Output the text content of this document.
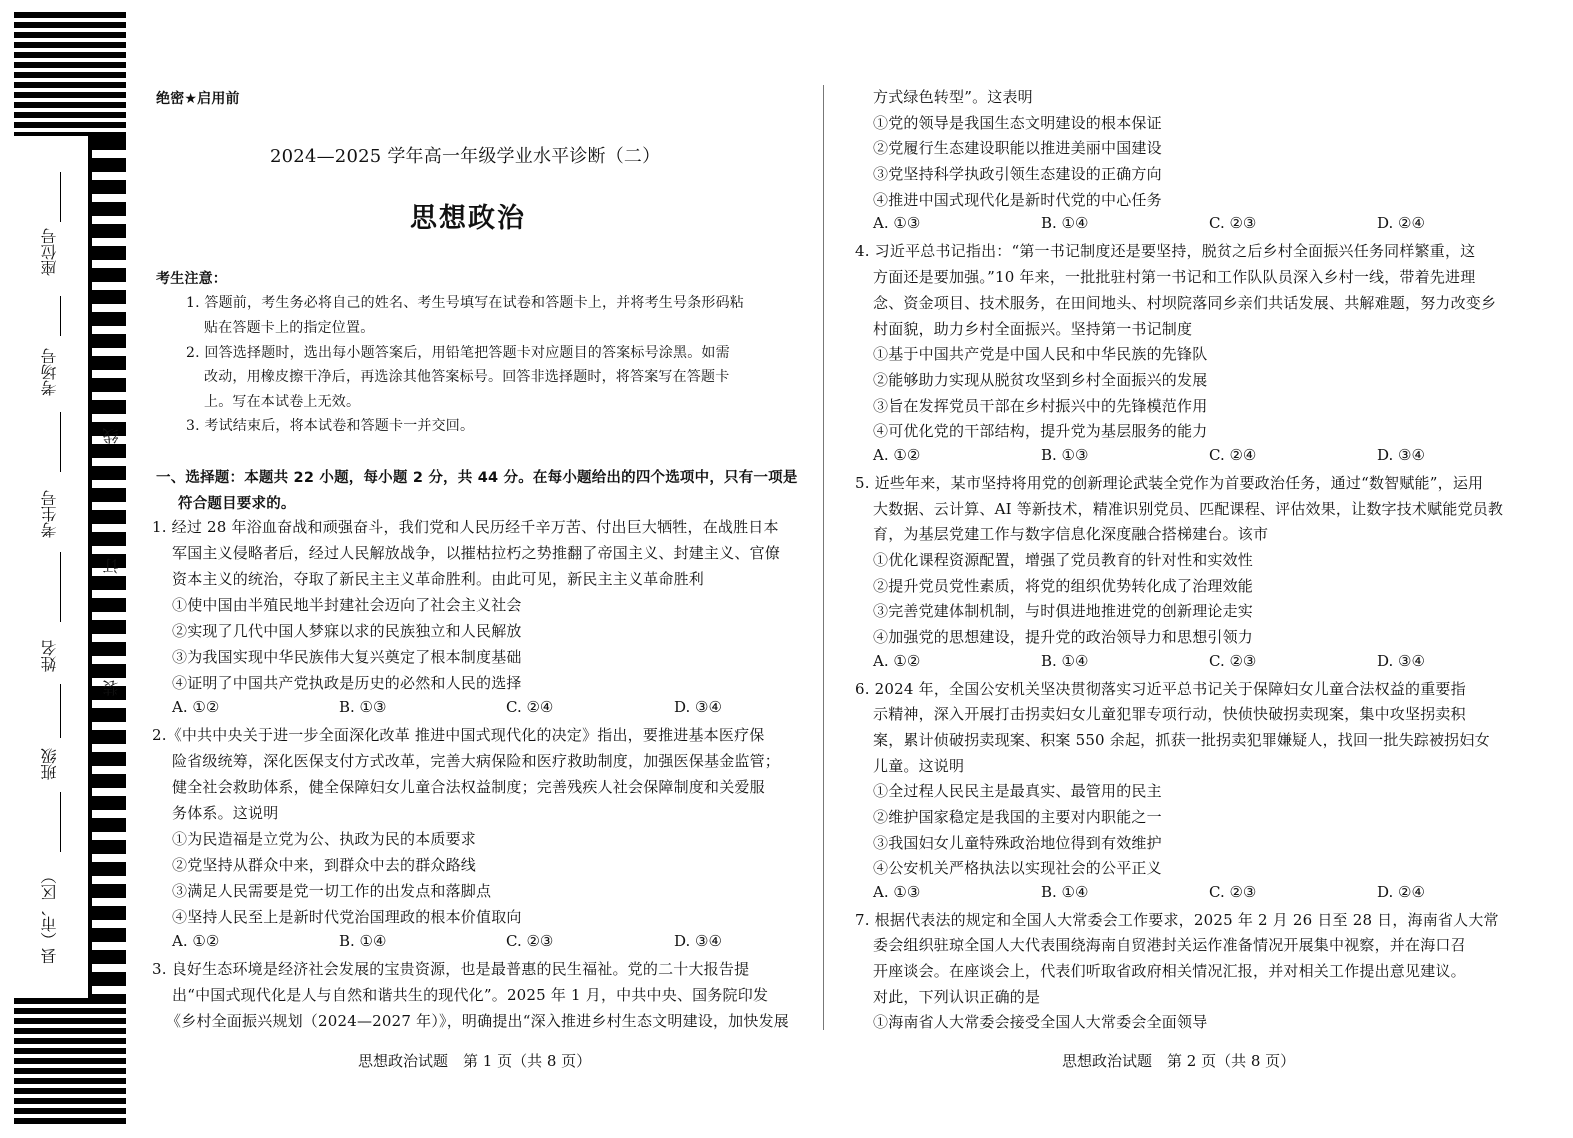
座位号
考场号
考生号
姓名
班级
县（市、区）
线
订
装
绝密★启用前
2024—2025 学年高一年级学业水平诊断（二）
思想政治
考生注意：
1. 答题前，考生务必将自己的姓名、考生号填写在试卷和答题卡上，并将考生号条形码粘
贴在答题卡上的指定位置。
2. 回答选择题时，选出每小题答案后，用铅笔把答题卡对应题目的答案标号涂黑。如需
改动，用橡皮擦干净后，再选涂其他答案标号。回答非选择题时，将答案写在答题卡
上。写在本试卷上无效。
3. 考试结束后，将本试卷和答题卡一并交回。
一、选择题：本题共 22 小题，每小题 2 分，共 44 分。在每小题给出的四个选项中，只有一项是
符合题目要求的。
1. 经过 28 年浴血奋战和顽强奋斗，我们党和人民历经千辛万苦、付出巨大牺牲，在战胜日本
军国主义侵略者后，经过人民解放战争，以摧枯拉朽之势推翻了帝国主义、封建主义、官僚
资本主义的统治，夺取了新民主主义革命胜利。由此可见，新民主主义革命胜利
①使中国由半殖民地半封建社会迈向了社会主义社会
②实现了几代中国人梦寐以求的民族独立和人民解放
③为我国实现中华民族伟大复兴奠定了根本制度基础
④证明了中国共产党执政是历史的必然和人民的选择
A. ①②	B. ①③	C. ②④	D. ③④
2.《中共中央关于进一步全面深化改革 推进中国式现代化的决定》指出，要推进基本医疗保
险省级统筹，深化医保支付方式改革，完善大病保险和医疗救助制度，加强医保基金监管；
健全社会救助体系，健全保障妇女儿童合法权益制度；完善残疾人社会保障制度和关爱服
务体系。这说明
①为民造福是立党为公、执政为民的本质要求
②党坚持从群众中来，到群众中去的群众路线
③满足人民需要是党一切工作的出发点和落脚点
④坚持人民至上是新时代党治国理政的根本价值取向
A. ①②	B. ①④	C. ②③	D. ③④
3. 良好生态环境是经济社会发展的宝贵资源，也是最普惠的民生福祉。党的二十大报告提
出“中国式现代化是人与自然和谐共生的现代化”。2025 年 1 月，中共中央、国务院印发
《乡村全面振兴规划（2024—2027 年）》，明确提出“深入推进乡村生态文明建设，加快发展
思想政治试题　第 1 页（共 8 页）
方式绿色转型”。这表明
①党的领导是我国生态文明建设的根本保证
②党履行生态建设职能以推进美丽中国建设
③党坚持科学执政引领生态建设的正确方向
④推进中国式现代化是新时代党的中心任务
A. ①③	B. ①④	C. ②③	D. ②④
4. 习近平总书记指出：“第一书记制度还是要坚持，脱贫之后乡村全面振兴任务同样繁重，这
方面还是要加强。”10 年来，一批批驻村第一书记和工作队队员深入乡村一线，带着先进理
念、资金项目、技术服务，在田间地头、村坝院落同乡亲们共话发展、共解难题，努力改变乡
村面貌，助力乡村全面振兴。坚持第一书记制度
①基于中国共产党是中国人民和中华民族的先锋队
②能够助力实现从脱贫攻坚到乡村全面振兴的发展
③旨在发挥党员干部在乡村振兴中的先锋模范作用
④可优化党的干部结构，提升党为基层服务的能力
A. ①②	B. ①③	C. ②④	D. ③④
5. 近些年来，某市坚持将用党的创新理论武装全党作为首要政治任务，通过“数智赋能”，运用
大数据、云计算、AI 等新技术，精准识别党员、匹配课程、评估效果，让数字技术赋能党员教
育，为基层党建工作与数字信息化深度融合搭梯建台。该市
①优化课程资源配置，增强了党员教育的针对性和实效性
②提升党员党性素质，将党的组织优势转化成了治理效能
③完善党建体制机制，与时俱进地推进党的创新理论走实
④加强党的思想建设，提升党的政治领导力和思想引领力
A. ①②	B. ①④	C. ②③	D. ③④
6. 2024 年，全国公安机关坚决贯彻落实习近平总书记关于保障妇女儿童合法权益的重要指
示精神，深入开展打击拐卖妇女儿童犯罪专项行动，快侦快破拐卖现案，集中攻坚拐卖积
案，累计侦破拐卖现案、积案 550 余起，抓获一批拐卖犯罪嫌疑人，找回一批失踪被拐妇女
儿童。这说明
①全过程人民民主是最真实、最管用的民主
②维护国家稳定是我国的主要对内职能之一
③我国妇女儿童特殊政治地位得到有效维护
④公安机关严格执法以实现社会的公平正义
A. ①③	B. ①④	C. ②③	D. ②④
7. 根据代表法的规定和全国人大常委会工作要求，2025 年 2 月 26 日至 28 日，海南省人大常
委会组织驻琼全国人大代表围绕海南自贸港封关运作准备情况开展集中视察，并在海口召
开座谈会。在座谈会上，代表们听取省政府相关情况汇报，并对相关工作提出意见建议。
对此，下列认识正确的是
①海南省人大常委会接受全国人大常委会全面领导
思想政治试题　第 2 页（共 8 页）
